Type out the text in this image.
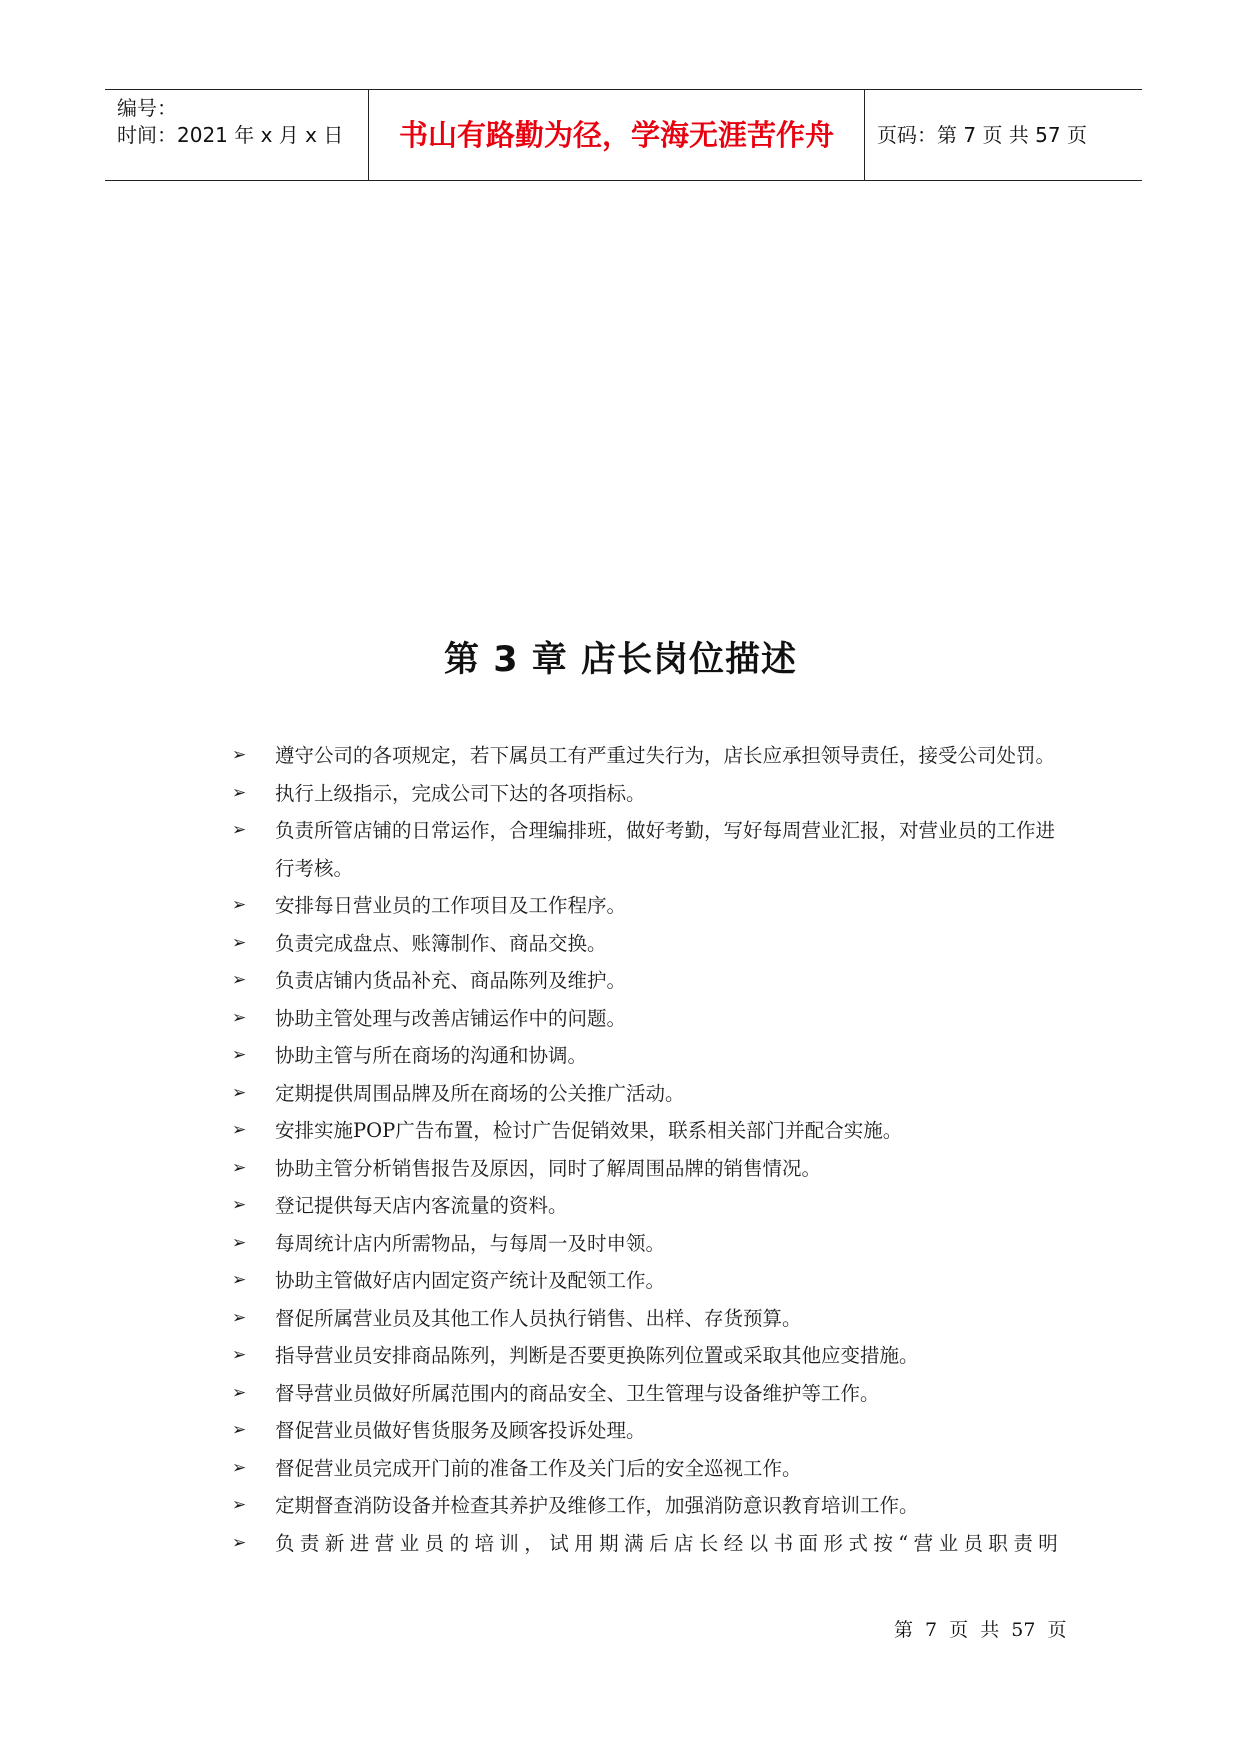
编号：
时间：2021 年 x 月 x 日	书山有路勤为径，学海无涯苦作舟	页码：第 7 页 共 57 页
第 3 章 店长岗位描述
➢ 遵守公司的各项规定，若下属员工有严重过失行为，店长应承担领导责任，接受公司处罚。
➢ 执行上级指示，完成公司下达的各项指标。
➢ 负责所管店铺的日常运作，合理编排班，做好考勤，写好每周营业汇报，对营业员的工作进行考核。
➢ 安排每日营业员的工作项目及工作程序。
➢ 负责完成盘点、账簿制作、商品交换。
➢ 负责店铺内货品补充、商品陈列及维护。
➢ 协助主管处理与改善店铺运作中的问题。
➢ 协助主管与所在商场的沟通和协调。
➢ 定期提供周围品牌及所在商场的公关推广活动。
➢ 安排实施POP广告布置，检讨广告促销效果，联系相关部门并配合实施。
➢ 协助主管分析销售报告及原因，同时了解周围品牌的销售情况。
➢ 登记提供每天店内客流量的资料。
➢ 每周统计店内所需物品，与每周一及时申领。
➢ 协助主管做好店内固定资产统计及配领工作。
➢ 督促所属营业员及其他工作人员执行销售、出样、存货预算。
➢ 指导营业员安排商品陈列，判断是否要更换陈列位置或采取其他应变措施。
➢ 督导营业员做好所属范围内的商品安全、卫生管理与设备维护等工作。
➢ 督促营业员做好售货服务及顾客投诉处理。
➢ 督促营业员完成开门前的准备工作及关门后的安全巡视工作。
➢ 定期督查消防设备并检查其养护及维修工作，加强消防意识教育培训工作。
➢ 负责新进营业员的培训，试用期满后店长经以书面形式按“营业员职责明
第 7 页 共 57 页
